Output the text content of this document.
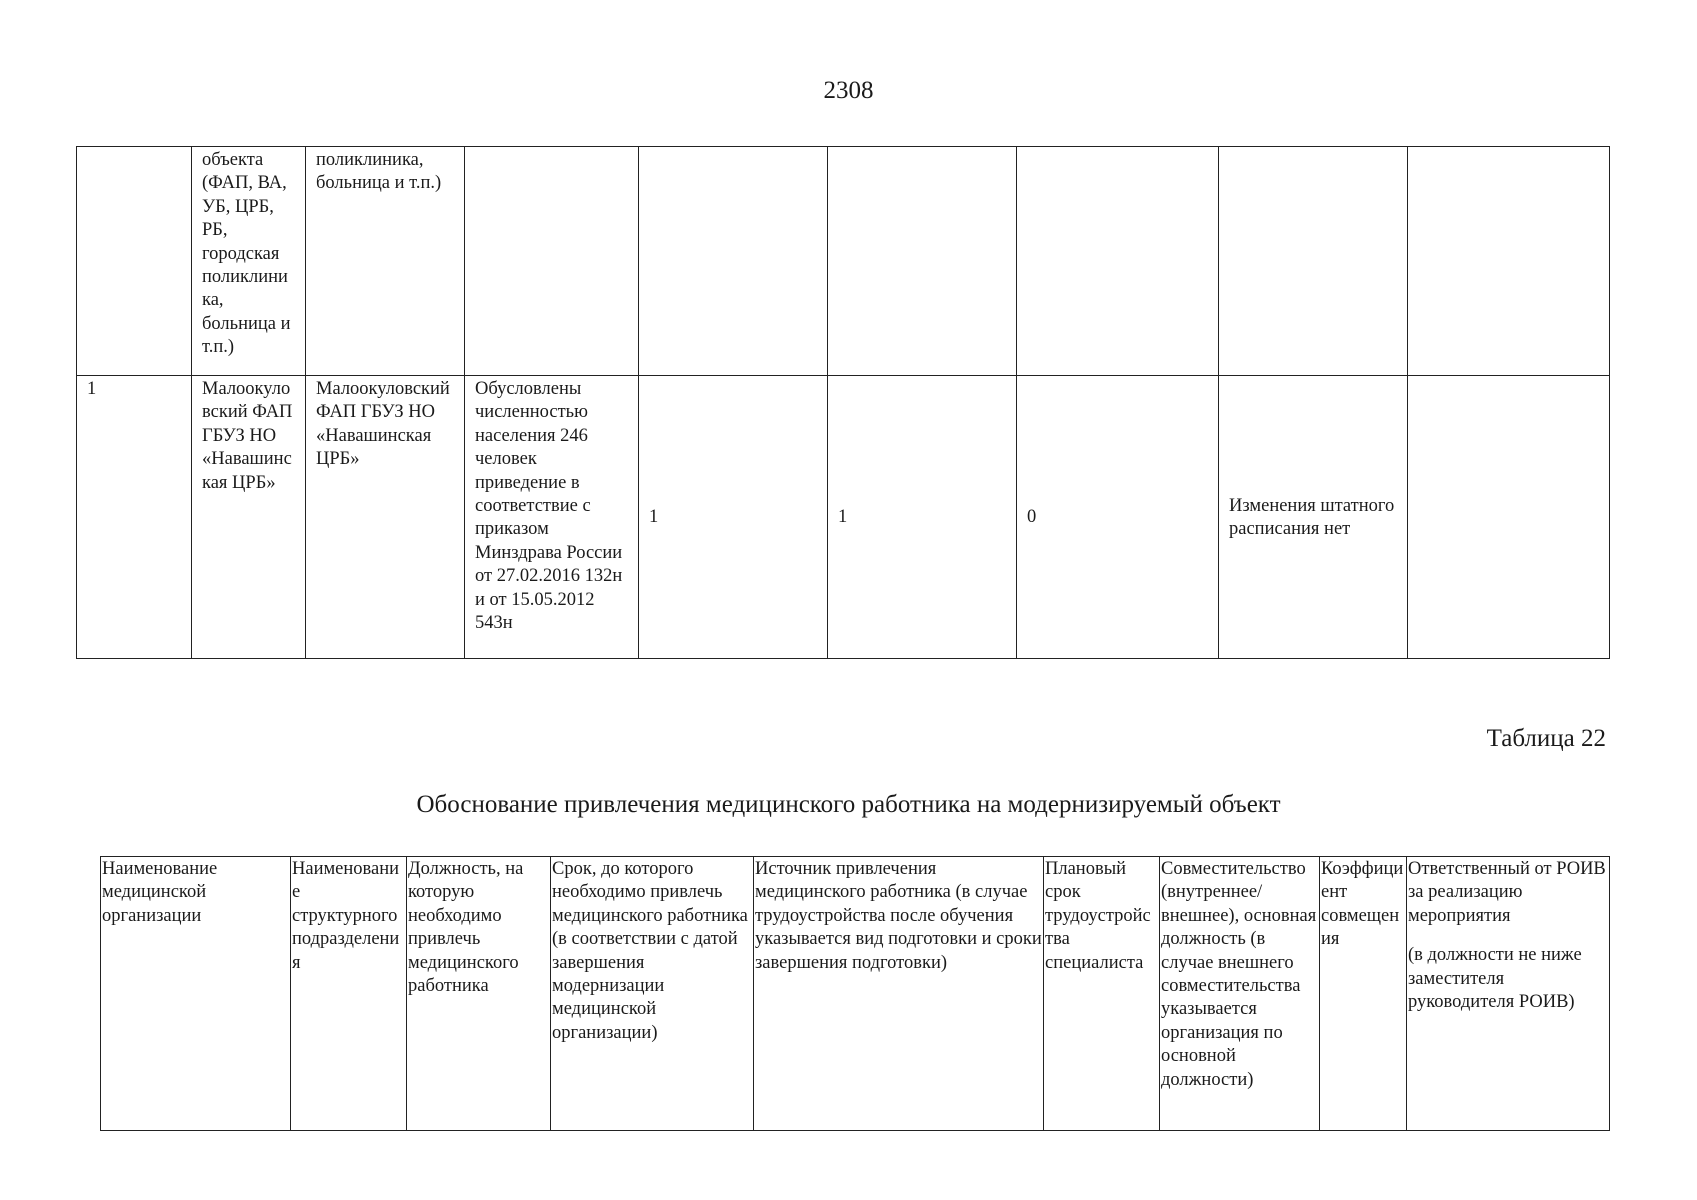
2308
	объекта (ФАП, ВА, УБ, ЦРБ, РБ, городская поликлиника, больница и т.п.)	поликлиника, больница и т.п.)						
1	Малоокуловский ФАП ГБУЗ НО «Навашинская ЦРБ»	Малоокуловский ФАП ГБУЗ НО «Навашинская ЦРБ»	Обусловлены численностью населения 246 человек приведение в соответствие с приказом Минздрава России от 27.02.2016 132н и от 15.05.2012 543н	1	1	0	Изменения штатного расписания нет	
Таблица 22
Обоснование привлечения медицинского работника на модернизируемый объект
Наименование медицинской организации	Наименование структурного подразделения	Должность, на которую необходимо привлечь медицинского работника	Срок, до которого необходимо привлечь медицинского работника (в соответствии с датой завершения модернизации медицинской организации)	Источник привлечения медицинского работника (в случае трудоустройства после обучения указывается вид подготовки и сроки завершения подготовки)	Плановый срок трудоустройства специалиста	Совместительство (внутреннее/внешнее), основная должность (в случае внешнего совместительства указывается организация по основной должности)	Коэффициент совмещения	Ответственный от РОИВ за реализацию мероприятия
(в должности не ниже заместителя руководителя РОИВ)
